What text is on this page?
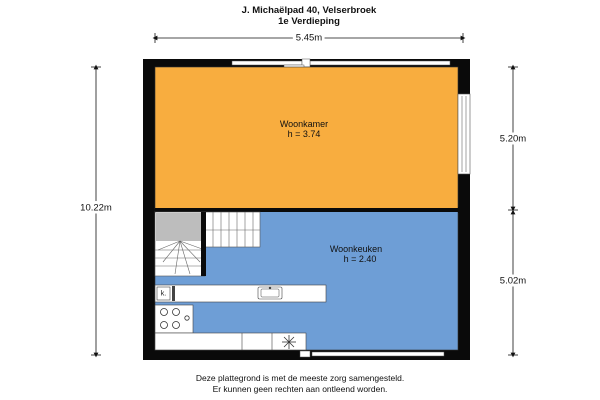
J. Michaëlpad 40, Velserbroek
1e Verdieping
5.45m
10.22m
5.20m
5.02m
k.
Woonkamer
h = 3.74
Woonkeuken
h = 2.40
Deze plattegrond is met de meeste zorg samengesteld.
Er kunnen geen rechten aan ontleend worden.
